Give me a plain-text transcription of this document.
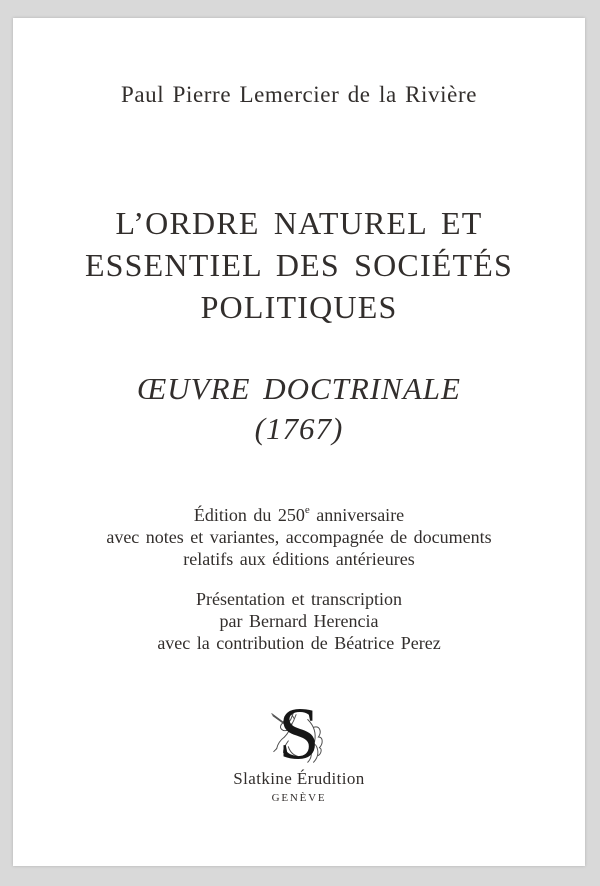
Paul Pierre Lemercier de la Rivière
L’ORDRE NATUREL ET
ESSENTIEL DES SOCIÉTÉS
POLITIQUES
ŒUVRE DOCTRINALE
(1767)
Édition du 250e anniversaire
avec notes et variantes, accompagnée de documents
relatifs aux éditions antérieures
Présentation et transcription
par Bernard Herencia
avec la contribution de Béatrice Perez
S
Slatkine Érudition
GENÈVE
